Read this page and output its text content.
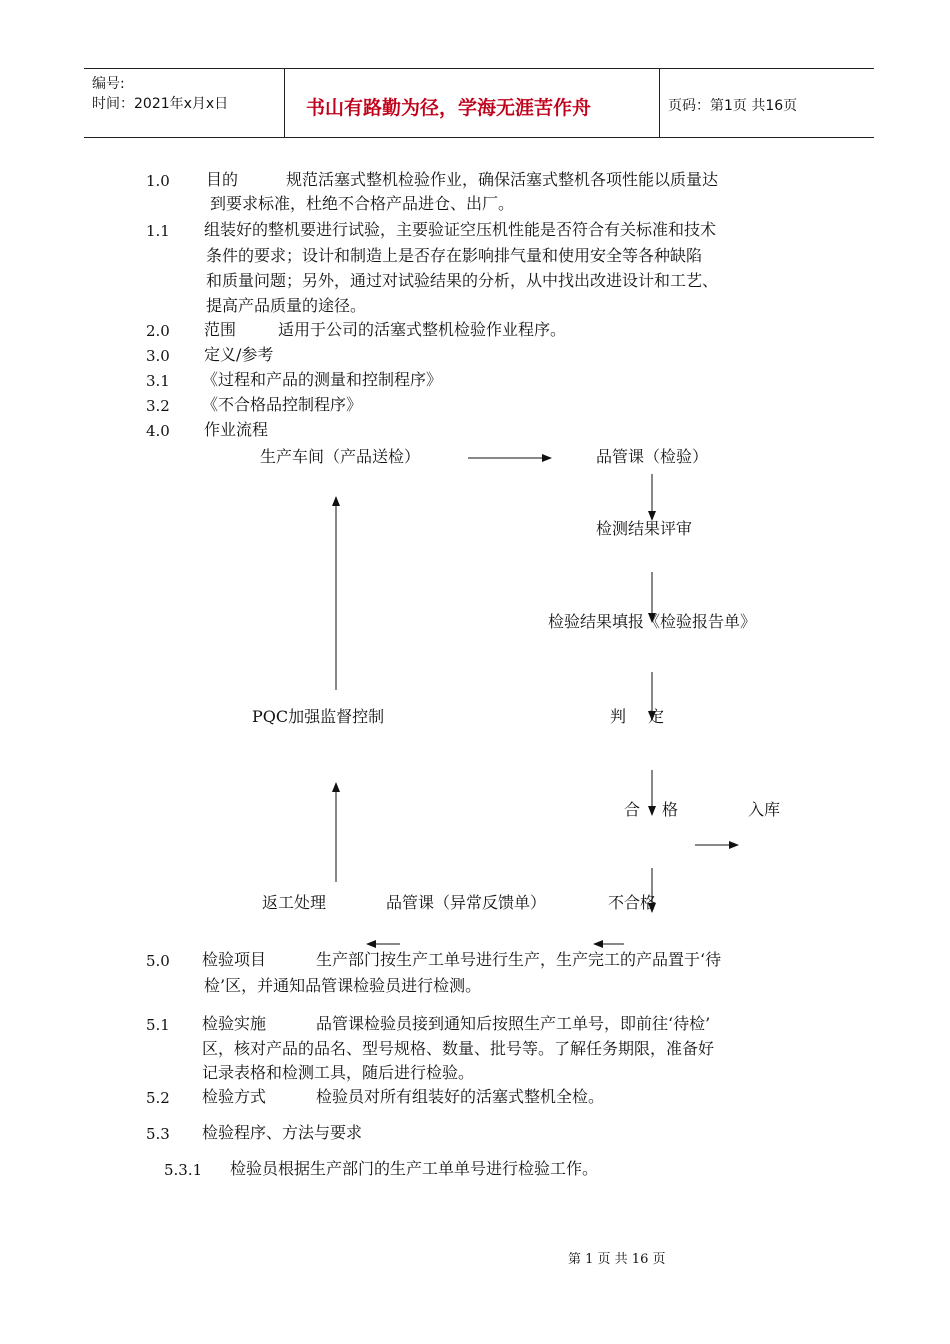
编号:
时间：2021年x月x日	书山有路勤为径，学海无涯苦作舟	页码：第1页 共16页
1.0 目的	规范活塞式整机检验作业，确保活塞式整机各项性能以质量达
到要求标准，杜绝不合格产品进仓、出厂。
1.1 组装好的整机要进行试验，主要验证空压机性能是否符合有关标准和技术
条件的要求；设计和制造上是否存在影响排气量和使用安全等各种缺陷
和质量问题；另外，通过对试验结果的分析，从中找出改进设计和工艺、
提高产品质量的途径。
2.0 范围	适用于公司的活塞式整机检验作业程序。
3.0 定义/参考
3.1 《过程和产品的测量和控制程序》
3.2 《不合格品控制程序》
4.0 作业流程
生产车间（产品送检）	品管课（检验）
检测结果评审
检验结果填报《检验报告单》
PQC加强监督控制	判 定
合 格	入库
返工处理	品管课（异常反馈单）	不合格
5.0 检验项目	生产部门按生产工单号进行生产，生产完工的产品置于‘待
检’区，并通知品管课检验员进行检测。
5.1 检验实施	品管课检验员接到通知后按照生产工单号，即前往‘待检’
区，核对产品的品名、型号规格、数量、批号等。了解任务期限，准备好
记录表格和检测工具，随后进行检验。
5.2 检验方式	检验员对所有组装好的活塞式整机全检。
5.3 检验程序、方法与要求
5.3.1 检验员根据生产部门的生产工单单号进行检验工作。
第 1 页 共 16 页
